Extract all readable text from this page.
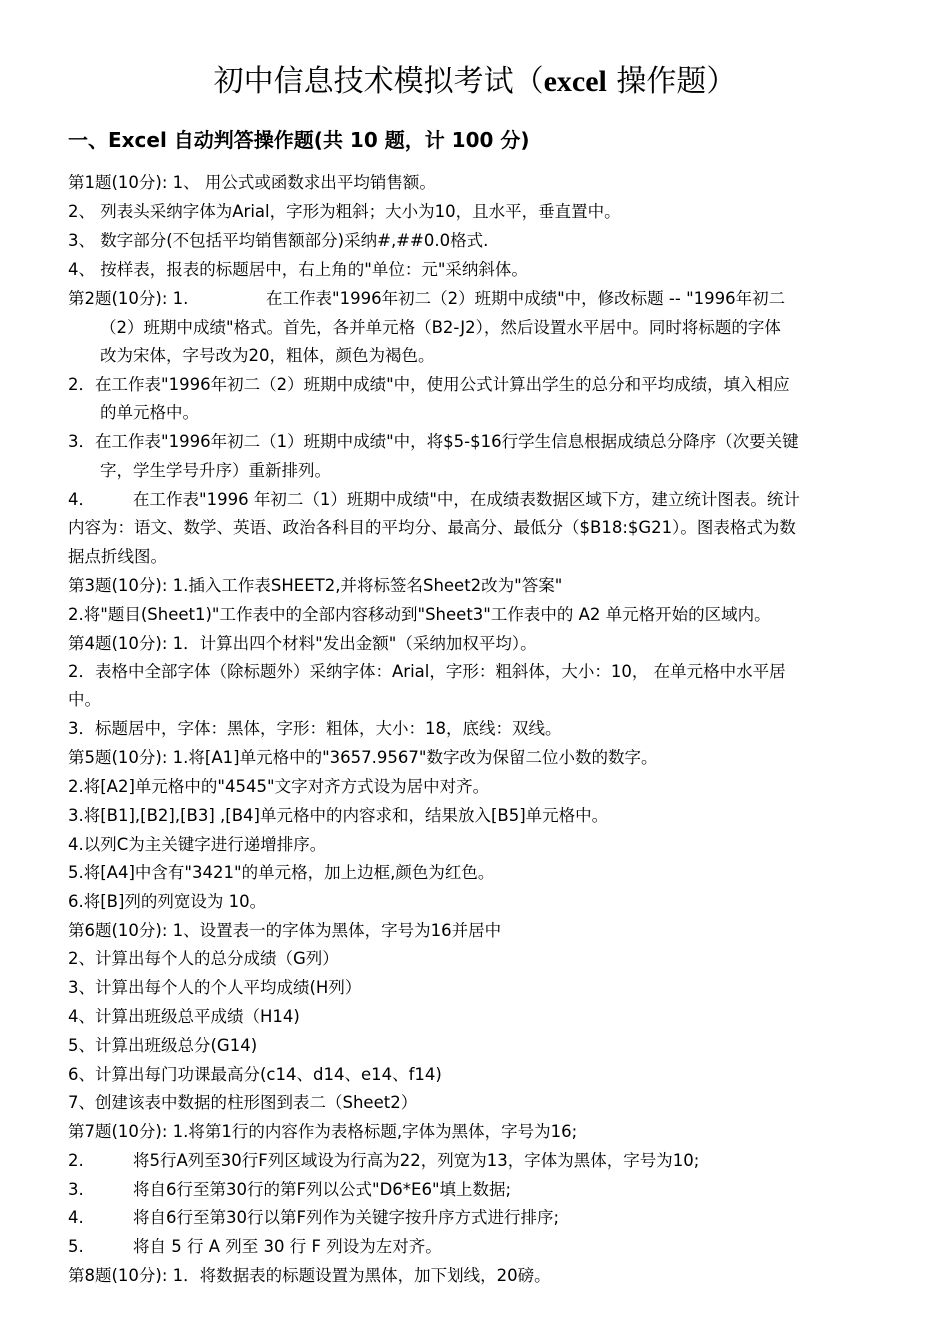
初中信息技术模拟考试（excel 操作题）
一、Excel 自动判答操作题(共 10 题，计 100 分)
第1题(10分): 1、 用公式或函数求出平均销售额。
2、 列表头采纳字体为Arial，字形为粗斜；大小为10，且水平，垂直置中。
3、 数字部分(不包括平均销售额部分)采纳#,##0.0格式.
4、 按样表，报表的标题居中，右上角的"单位：元"采纳斜体。
第2题(10分): 1.	在工作表"1996年初二（2）班期中成绩"中，修改标题 -- "1996年初二
（2）班期中成绩"格式。首先，各并单元格（B2-J2），然后设置水平居中。同时将标题的字体
改为宋体，字号改为20，粗体，颜色为褐色。
2．在工作表"1996年初二（2）班期中成绩"中，使用公式计算出学生的总分和平均成绩，填入相应
的单元格中。
3．在工作表"1996年初二（1）班期中成绩"中，将$5-$16行学生信息根据成绩总分降序（次要关键
字，学生学号升序）重新排列。
4． 在工作表"1996 年初二（1）班期中成绩"中，在成绩表数据区域下方，建立统计图表。统计
内容为：语文、数学、英语、政治各科目的平均分、最高分、最低分（$B18:$G21）。图表格式为数
据点折线图。
第3题(10分): 1.插入工作表SHEET2,并将标签名Sheet2改为"答案"
2.将"题目(Sheet1)"工作表中的全部内容移动到"Sheet3"工作表中的 A2 单元格开始的区域内。
第4题(10分): 1．计算出四个材料"发出金额"（采纳加权平均）。
2．表格中全部字体（除标题外）采纳字体：Arial，字形：粗斜体，大小：10， 在单元格中水平居
中。
3．标题居中，字体：黑体，字形：粗体，大小：18，底线：双线。
第5题(10分): 1.将[A1]单元格中的"3657.9567"数字改为保留二位小数的数字。
2.将[A2]单元格中的"4545"文字对齐方式设为居中对齐。
3.将[B1],[B2],[B3] ,[B4]单元格中的内容求和，结果放入[B5]单元格中。
4.以列C为主关键字进行递增排序。
5.将[A4]中含有"3421"的单元格，加上边框,颜色为红色。
6.将[B]列的列宽设为 10。
第6题(10分): 1、设置表一的字体为黑体，字号为16并居中
2、计算出每个人的总分成绩（G列）
3、计算出每个人的个人平均成绩(H列）
4、计算出班级总平成绩（H14)
5、计算出班级总分(G14)
6、计算出每门功课最高分(c14、d14、e14、f14)
7、创建该表中数据的柱形图到表二（Sheet2）
第7题(10分): 1.将第1行的内容作为表格标题,字体为黑体，字号为16;
2.	将5行A列至30行F列区域设为行高为22，列宽为13，字体为黑体，字号为10;
3.	将自6行至第30行的第F列以公式"D6*E6"填上数据;
4.	将自6行至第30行以第F列作为关键字按升序方式进行排序;
5.	将自 5 行 A 列至 30 行 F 列设为左对齐。
第8题(10分): 1．将数据表的标题设置为黑体，加下划线，20磅。
